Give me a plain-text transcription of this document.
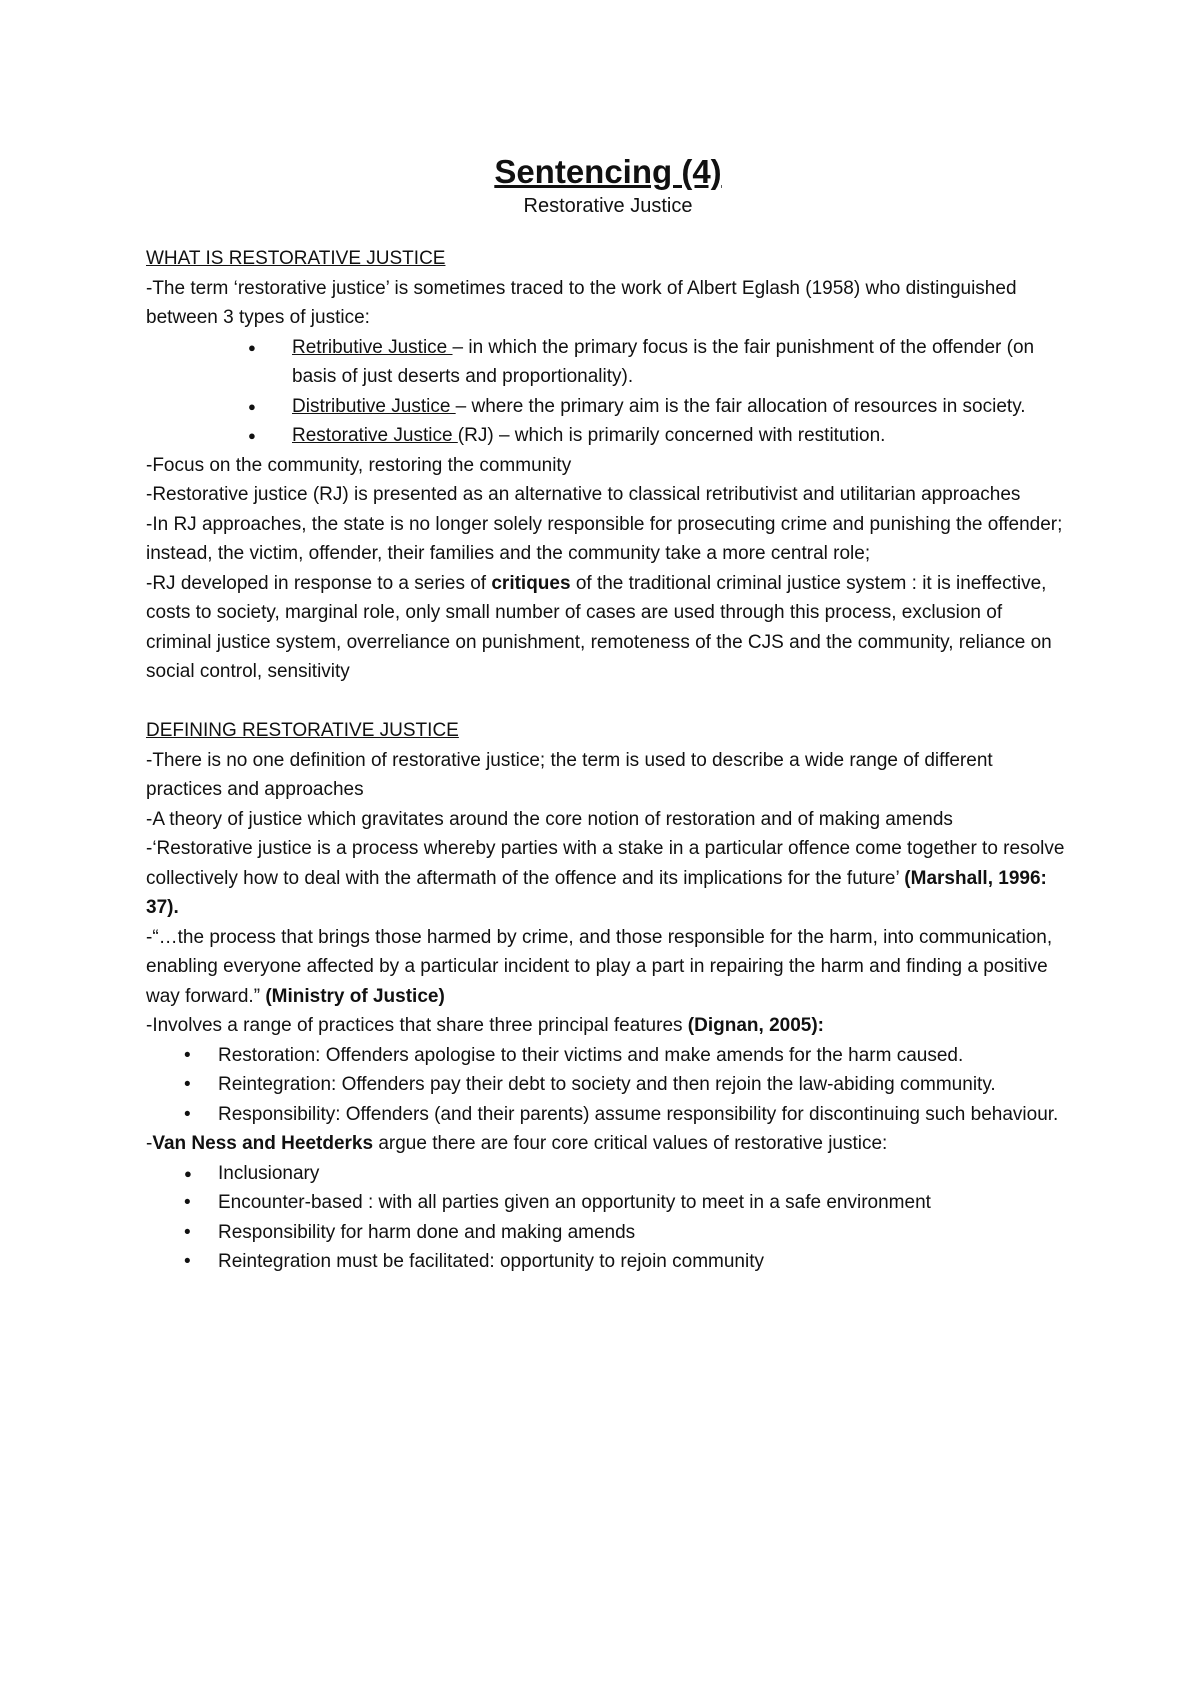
Sentencing (4)

Restorative Justice

WHAT IS RESTORATIVE JUSTICE

-The term ‘restorative justice’ is sometimes traced to the work of Albert Eglash (1958) who distinguished between 3 types of justice:

● Retributive Justice – in which the primary focus is the fair punishment of the offender (on basis of just deserts and proportionality).
● Distributive Justice – where the primary aim is the fair allocation of resources in society.
● Restorative Justice (RJ) – which is primarily concerned with restitution.

-Focus on the community, restoring the community

-Restorative justice (RJ) is presented as an alternative to classical retributivist and utilitarian approaches

-In RJ approaches, the state is no longer solely responsible for prosecuting crime and punishing the offender; instead, the victim, offender, their families and the community take a more central role;

-RJ developed in response to a series of critiques of the traditional criminal justice system : it is ineffective, costs to society, marginal role, only small number of cases are used through this process, exclusion of criminal justice system, overreliance on punishment, remoteness of the CJS and the community, reliance on social control, sensitivity

DEFINING RESTORATIVE JUSTICE

-There is no one definition of restorative justice; the term is used to describe a wide range of different practices and approaches

-A theory of justice which gravitates around the core notion of restoration and of making amends

-‘Restorative justice is a process whereby parties with a stake in a particular offence come together to resolve collectively how to deal with the aftermath of the offence and its implications for the future’ (Marshall, 1996: 37).

-“…the process that brings those harmed by crime, and those responsible for the harm, into communication, enabling everyone affected by a particular incident to play a part in repairing the harm and finding a positive way forward.” (Ministry of Justice)

-Involves a range of practices that share three principal features (Dignan, 2005):

• Restoration: Offenders apologise to their victims and make amends for the harm caused.
• Reintegration: Offenders pay their debt to society and then rejoin the law-abiding community.
• Responsibility: Offenders (and their parents) assume responsibility for discontinuing such behaviour.

-Van Ness and Heetderks argue there are four core critical values of restorative justice:

● Inclusionary
• Encounter-based : with all parties given an opportunity to meet in a safe environment
• Responsibility for harm done and making amends
• Reintegration must be facilitated: opportunity to rejoin community
